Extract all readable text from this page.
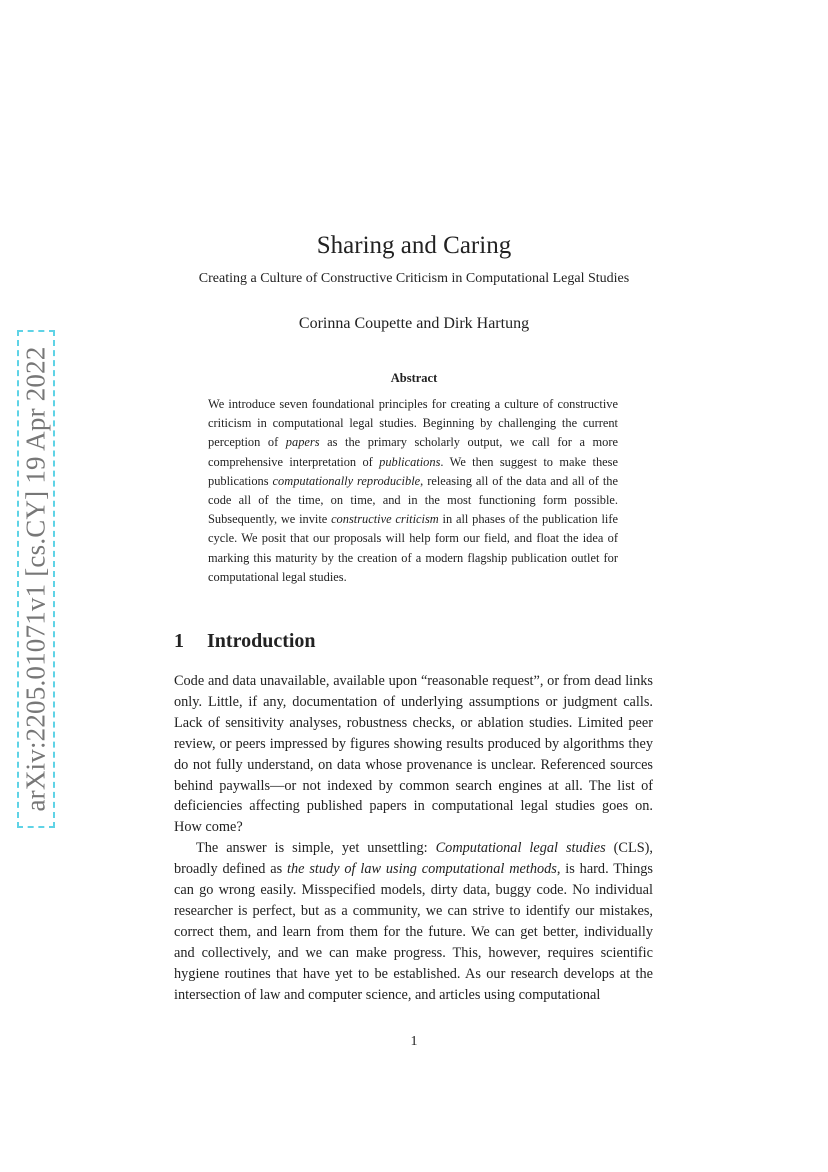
arXiv:2205.01071v1 [cs.CY] 19 Apr 2022
Sharing and Caring
Creating a Culture of Constructive Criticism in Computational Legal Studies
Corinna Coupette and Dirk Hartung
Abstract

We introduce seven foundational principles for creating a culture of constructive criticism in computational legal studies. Beginning by challenging the current perception of papers as the primary scholarly output, we call for a more comprehensive interpretation of publications. We then suggest to make these publications computationally reproducible, releasing all of the data and all of the code all of the time, on time, and in the most functioning form possible. Subsequently, we invite constructive criticism in all phases of the publication life cycle. We posit that our proposals will help form our field, and float the idea of marking this maturity by the creation of a modern flagship publication outlet for computational legal studies.

1 Introduction

Code and data unavailable, available upon “reasonable request”, or from dead links only. Little, if any, documentation of underlying assumptions or judgment calls. Lack of sensitivity analyses, robustness checks, or ablation studies. Limited peer review, or peers impressed by figures showing results produced by algorithms they do not fully understand, on data whose provenance is unclear. Referenced sources behind paywalls—or not indexed by common search engines at all. The list of deficiencies affecting published papers in computational legal studies goes on. How come?

The answer is simple, yet unsettling: Computational legal studies (CLS), broadly defined as the study of law using computational methods, is hard. Things can go wrong easily. Misspecified models, dirty data, buggy code. No individual researcher is perfect, but as a community, we can strive to identify our mistakes, correct them, and learn from them for the future. We can get better, individually and collectively, and we can make progress. This, however, requires scientific hygiene routines that have yet to be established. As our research develops at the intersection of law and computer science, and articles using computational

1
